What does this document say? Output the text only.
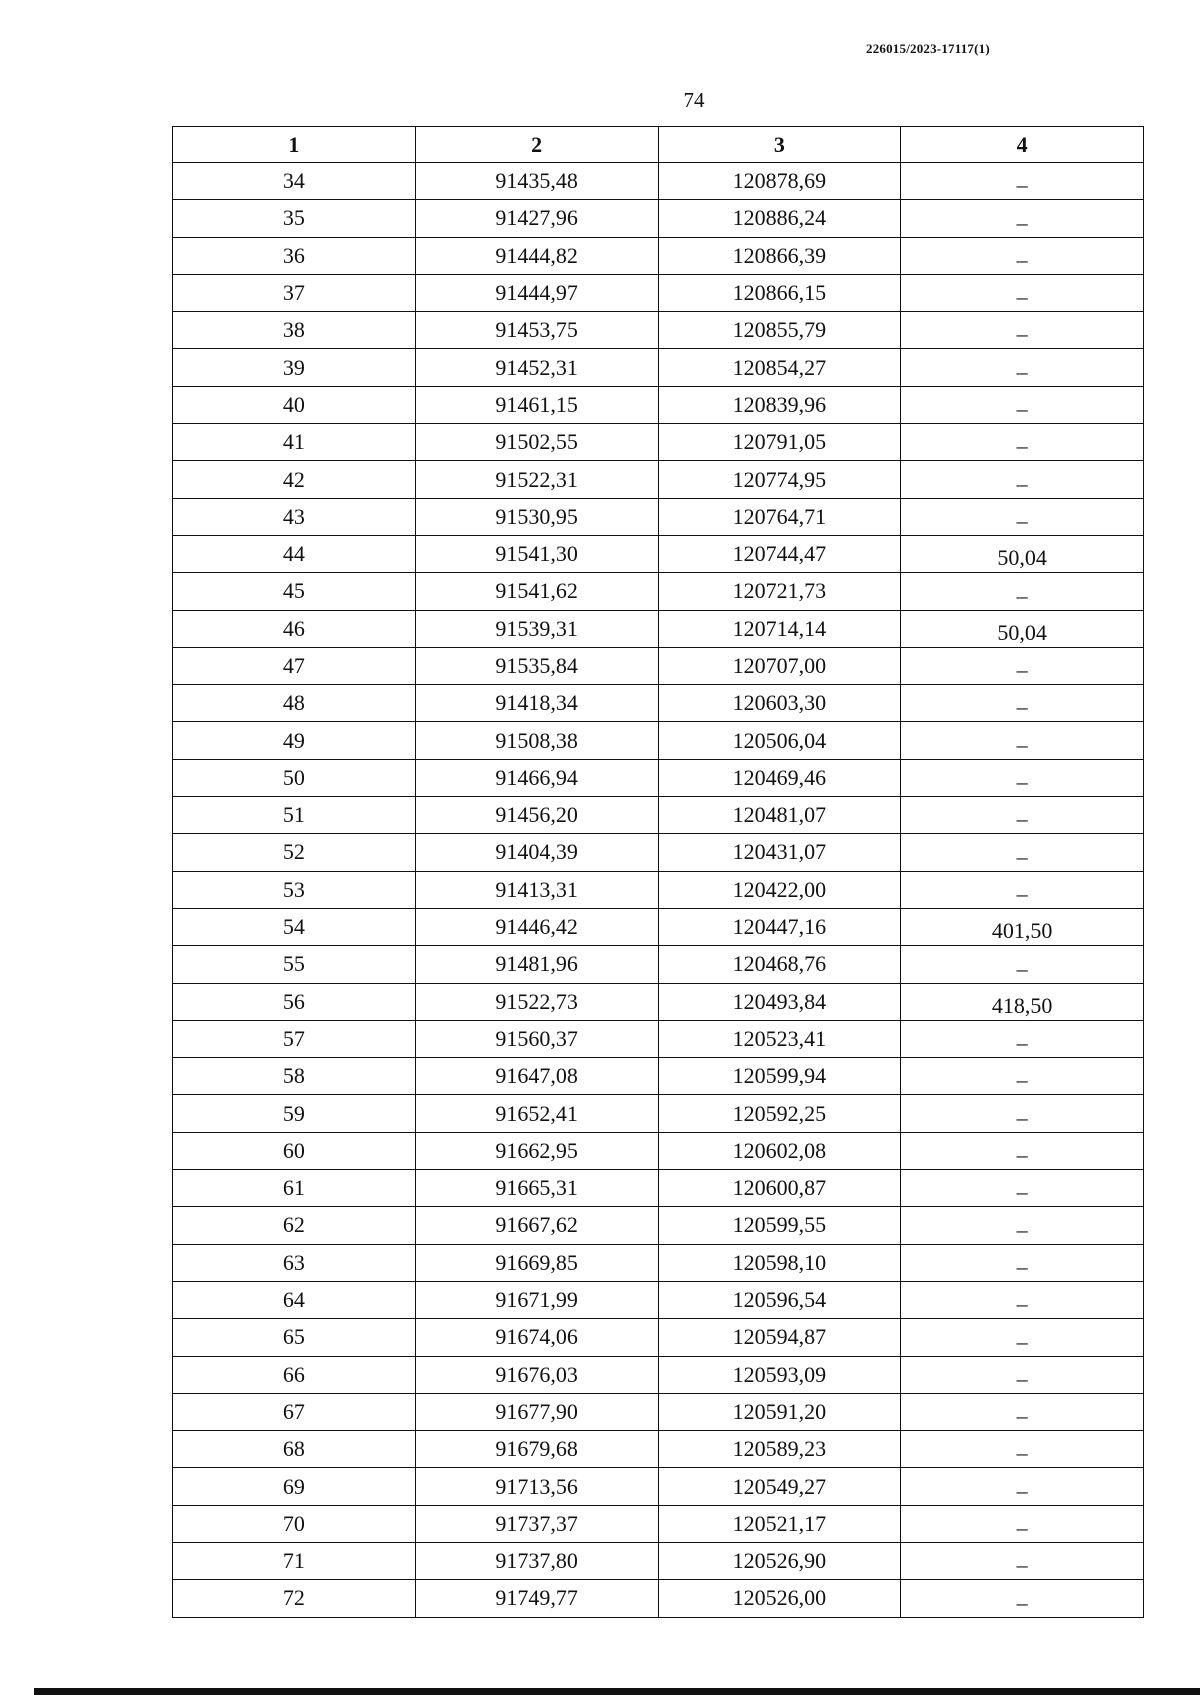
226015/2023-17117(1)
74
1	2	3	4
34	91435,48	120878,69	–
35	91427,96	120886,24	–
36	91444,82	120866,39	–
37	91444,97	120866,15	–
38	91453,75	120855,79	–
39	91452,31	120854,27	–
40	91461,15	120839,96	–
41	91502,55	120791,05	–
42	91522,31	120774,95	–
43	91530,95	120764,71	–
44	91541,30	120744,47	50,04
45	91541,62	120721,73	–
46	91539,31	120714,14	50,04
47	91535,84	120707,00	–
48	91418,34	120603,30	–
49	91508,38	120506,04	–
50	91466,94	120469,46	–
51	91456,20	120481,07	–
52	91404,39	120431,07	–
53	91413,31	120422,00	–
54	91446,42	120447,16	401,50
55	91481,96	120468,76	–
56	91522,73	120493,84	418,50
57	91560,37	120523,41	–
58	91647,08	120599,94	–
59	91652,41	120592,25	–
60	91662,95	120602,08	–
61	91665,31	120600,87	–
62	91667,62	120599,55	–
63	91669,85	120598,10	–
64	91671,99	120596,54	–
65	91674,06	120594,87	–
66	91676,03	120593,09	–
67	91677,90	120591,20	–
68	91679,68	120589,23	–
69	91713,56	120549,27	–
70	91737,37	120521,17	–
71	91737,80	120526,90	–
72	91749,77	120526,00	–
